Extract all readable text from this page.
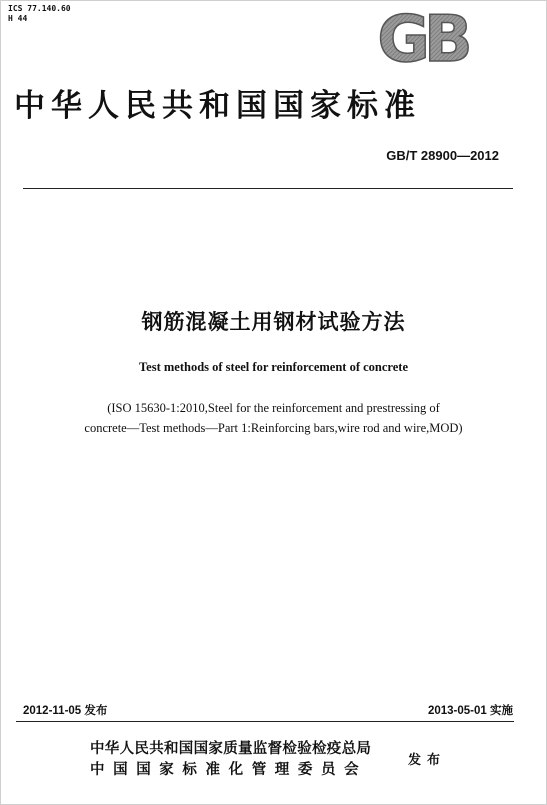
ICS 77.140.60
H 44	GB
中华人民共和国国家标准
GB/T 28900—2012
钢筋混凝土用钢材试验方法
Test methods of steel for reinforcement of concrete
(ISO 15630-1:2010,Steel for the reinforcement and prestressing of
concrete—Test methods—Part 1:Reinforcing bars,wire rod and wire,MOD)
2012-11-05 发布	2013-05-01 实施
中华人民共和国国家质量监督检验检疫总局
中国国家标准化管理委员会
发布
